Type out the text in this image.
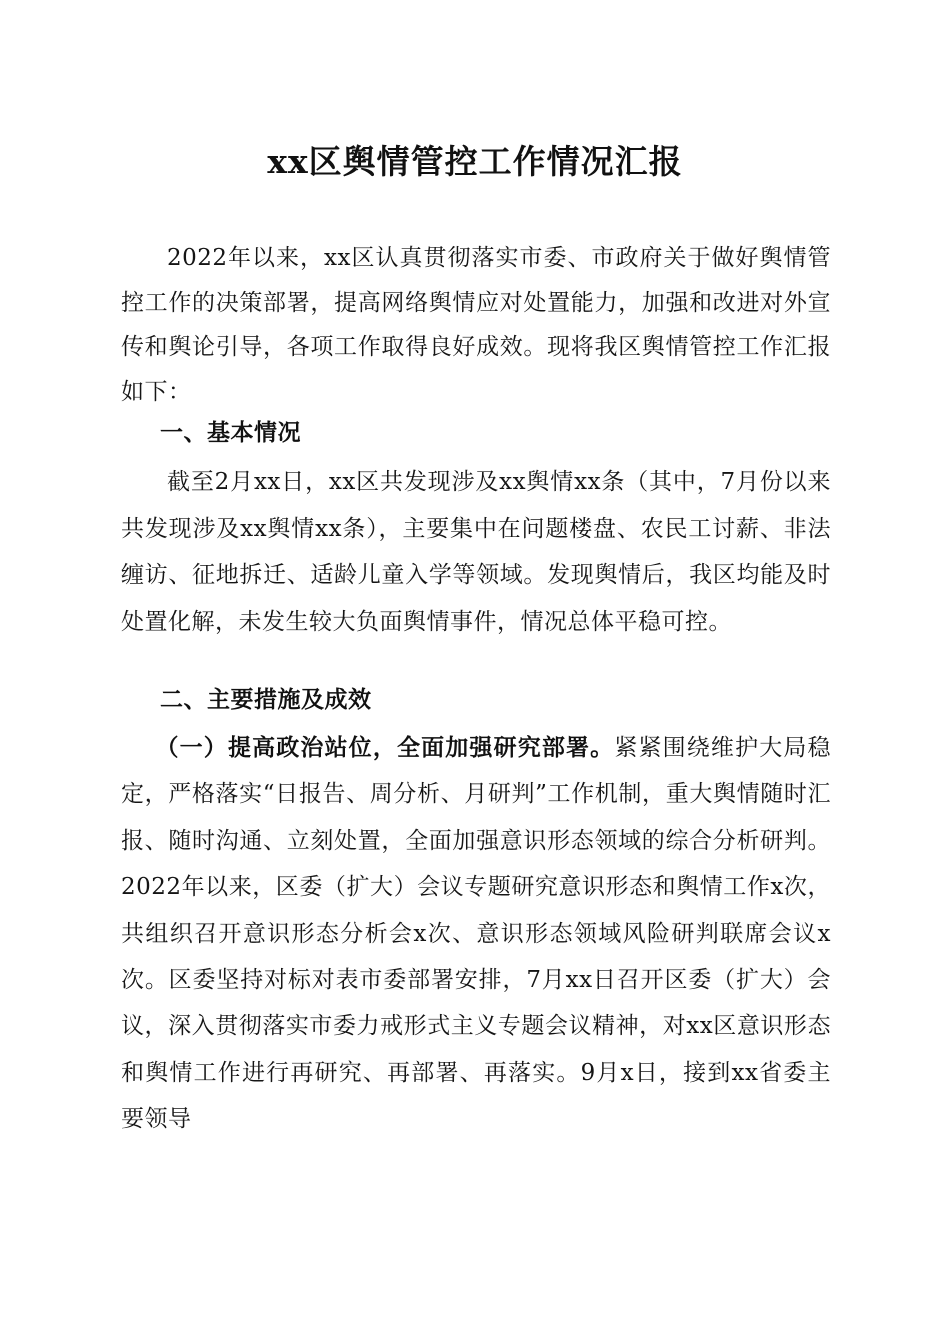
xx区舆情管控工作情况汇报
2022年以来，xx区认真贯彻落实市委、市政府关于做好舆情管控工作的决策部署，提高网络舆情应对处置能力，加强和改进对外宣传和舆论引导，各项工作取得良好成效。现将我区舆情管控工作汇报如下：
一、基本情况
截至2月xx日，xx区共发现涉及xx舆情xx条（其中，7月份以来共发现涉及xx舆情xx条），主要集中在问题楼盘、农民工讨薪、非法缠访、征地拆迁、适龄儿童入学等领域。发现舆情后，我区均能及时处置化解，未发生较大负面舆情事件，情况总体平稳可控。
二、主要措施及成效
（一）提高政治站位，全面加强研究部署。紧紧围绕维护大局稳定，严格落实“日报告、周分析、月研判”工作机制，重大舆情随时汇报、随时沟通、立刻处置，全面加强意识形态领域的综合分析研判。2022年以来，区委（扩大）会议专题研究意识形态和舆情工作x次，共组织召开意识形态分析会x次、意识形态领域风险研判联席会议x次。区委坚持对标对表市委部署安排，7月xx日召开区委（扩大）会议，深入贯彻落实市委力戒形式主义专题会议精神，对xx区意识形态和舆情工作进行再研究、再部署、再落实。9月x日，接到xx省委主要领导
